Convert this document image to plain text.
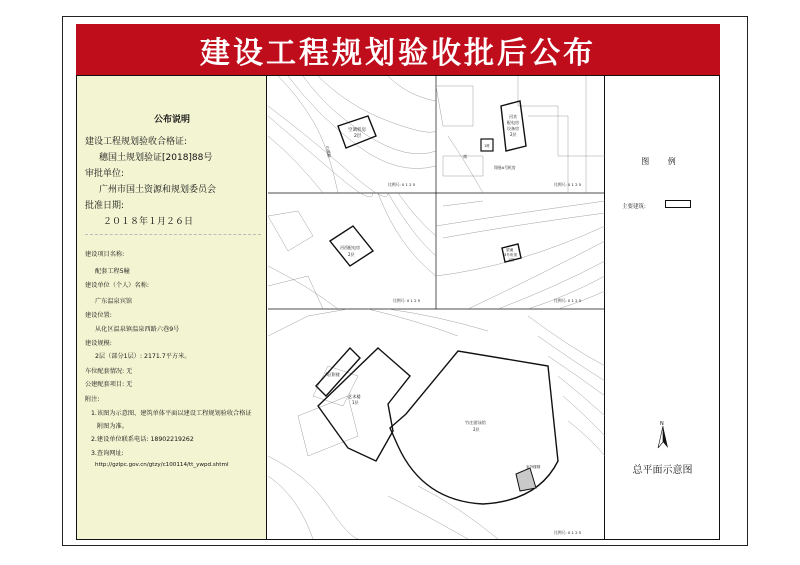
建设工程规划验收批后公布
公布说明
建设工程规划验收合格证:
穗国土规划验证[2018]88号
审批单位:
广州市国土资源和规划委员会
批准日期:
２０１８年１月２６日
建设项目名称:
配套工程5幢
建设单位（个人）名称:
广东温泉宾馆
建设位置:
从化区温泉镇温泉西路六巷9号
建设规模:
2层（部分1层）: 2171.7平方米。
车位配套情况: 无
公建配套项目: 无
附注:
1.该图为示意图、建筑单体平面以建设工程规划验收合格证
附图为准。
2.建设单位联系电话: 18902219262
3.查询网址:
http://gzlpc.gov.cn/gtzy/c100114/tt_ywpd.shtml
空调机房
2层
山道路
比例尺: 0 1 2 5
河宾
配电房
设备房
2层
1栋
商
翔展A号机房
比例尺: 0 1 2 5
河西配电房
2层
比例尺: 0 1 2 5
望溪
3号所顶
1层
比例尺: 0 1 2 5
A区附楼
艺术楼
1层
竹庄游泳馆
2层
室外楼梯
比例尺: 0 1 2 5
图 例
主要建筑:
N
总平面示意图
